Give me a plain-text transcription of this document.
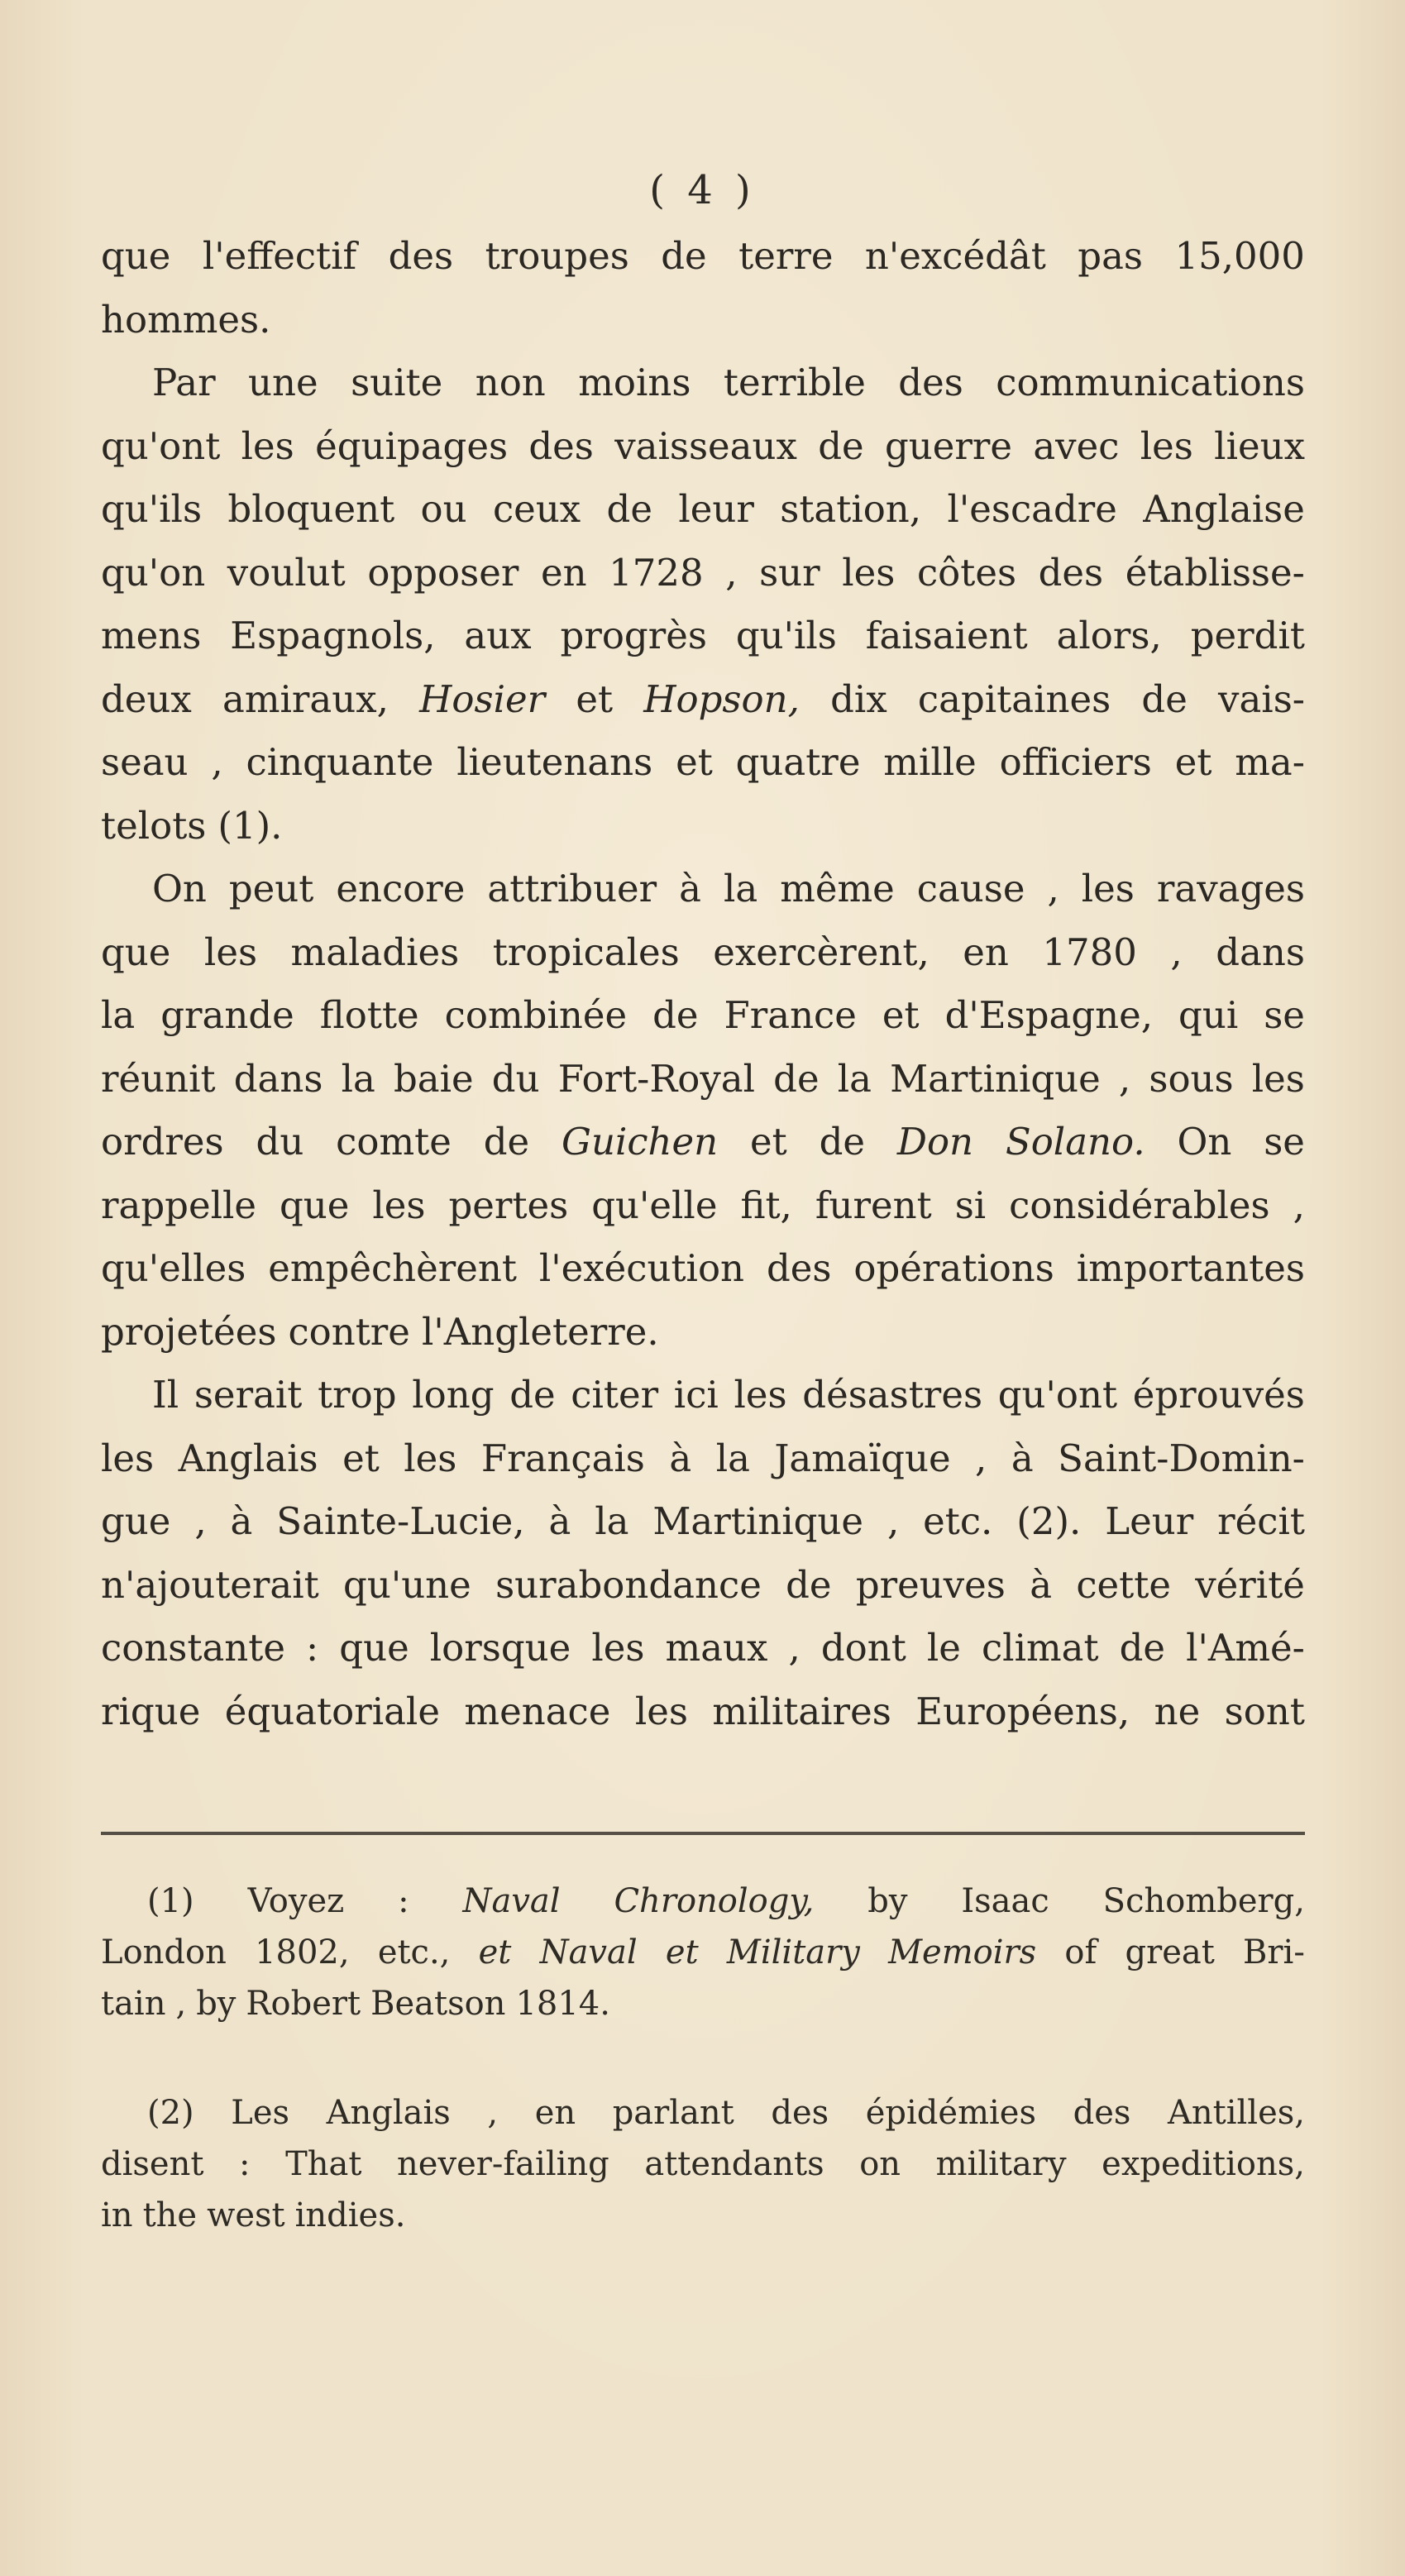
( 4 )
que l'effectif des troupes de terre n'excédât pas 15,000
hommes.
Par une suite non moins terrible des communications
qu'ont les équipages des vaisseaux de guerre avec les lieux
qu'ils bloquent ou ceux de leur station, l'escadre Anglaise
qu'on voulut opposer en 1728 , sur les côtes des établisse-
mens Espagnols, aux progrès qu'ils faisaient alors, perdit
deux amiraux, Hosier et Hopson, dix capitaines de vais-
seau , cinquante lieutenans et quatre mille officiers et ma-
telots (1).
On peut encore attribuer à la même cause , les ravages
que les maladies tropicales exercèrent, en 1780 , dans
la grande flotte combinée de France et d'Espagne, qui se
réunit dans la baie du Fort-Royal de la Martinique , sous les
ordres du comte de Guichen et de Don Solano. On se
rappelle que les pertes qu'elle fit, furent si considérables ,
qu'elles empêchèrent l'exécution des opérations importantes
projetées contre l'Angleterre.
Il serait trop long de citer ici les désastres qu'ont éprouvés
les Anglais et les Français à la Jamaïque , à Saint-Domin-
gue , à Sainte-Lucie, à la Martinique , etc. (2). Leur récit
n'ajouterait qu'une surabondance de preuves à cette vérité
constante : que lorsque les maux , dont le climat de l'Amé-
rique équatoriale menace les militaires Européens, ne sont
(1) Voyez : Naval Chronology, by Isaac Schomberg,
London 1802, etc., et Naval et Military Memoirs of great Bri-
tain , by Robert Beatson 1814.
(2) Les Anglais , en parlant des épidémies des Antilles,
disent : That never-failing attendants on military expeditions,
in the west indies.
